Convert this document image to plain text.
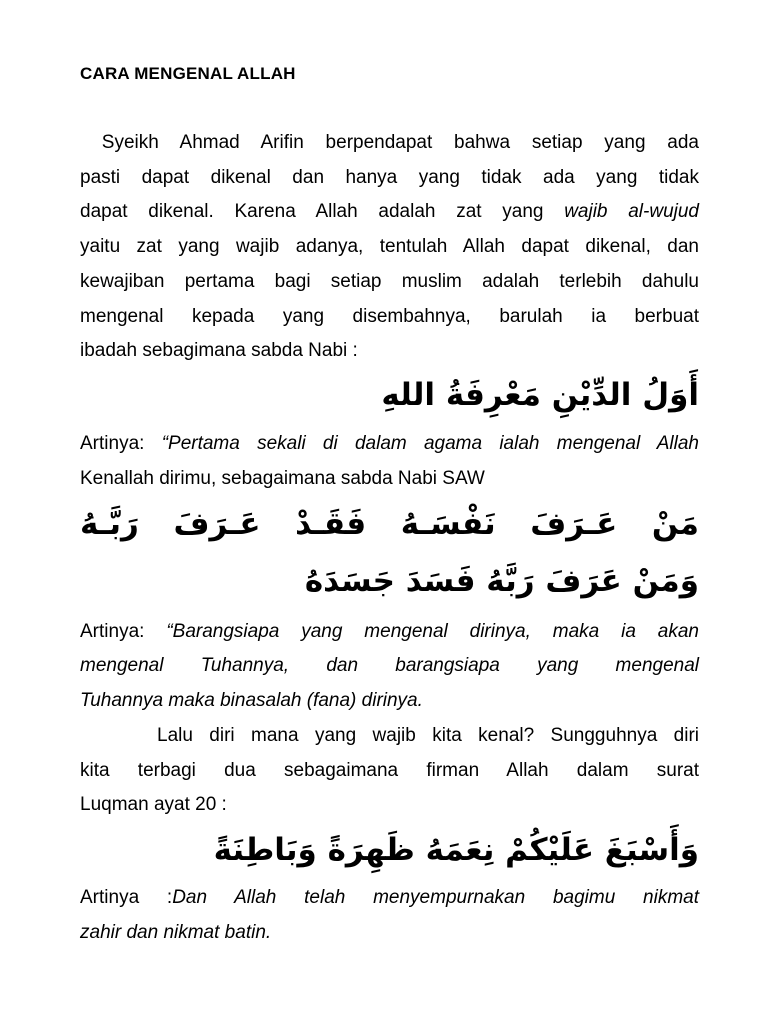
CARA MENGENAL ALLAH

Syeikh Ahmad Arifin berpendapat bahwa setiap yang ada

pasti dapat dikenal dan hanya yang tidak ada yang tidak

dapat dikenal. Karena Allah adalah zat yang wajib al-wujud

yaitu zat yang wajib adanya, tentulah Allah dapat dikenal, dan

kewajiban pertama bagi setiap muslim adalah terlebih dahulu

mengenal kepada yang disembahnya, barulah ia berbuat

ibadah sebagimana sabda Nabi :

أَوَلُ الدِّيْنِ مَعْرِفَةُ اللهِ

Artinya: “Pertama sekali di dalam agama ialah mengenal Allah

Kenallah dirimu, sebagaimana sabda Nabi SAW

مَنْ عَـرَفَ نَفْسَـهُ فَقَـدْ عَـرَفَ رَبَّـهُ

وَمَنْ عَرَفَ رَبَّهُ فَسَدَ جَسَدَهُ

Artinya: “Barangsiapa yang mengenal dirinya, maka ia akan

mengenal Tuhannya, dan barangsiapa yang mengenal

Tuhannya maka binasalah (fana) dirinya.

Lalu diri mana yang wajib kita kenal? Sungguhnya diri

kita terbagi dua sebagaimana firman Allah dalam surat

Luqman ayat 20 :

وَأَسْبَغَ عَلَيْكُمْ نِعَمَهُ ظَهِرَةً وَبَاطِنَةً

Artinya :Dan Allah telah menyempurnakan bagimu nikmat

zahir dan nikmat batin.
